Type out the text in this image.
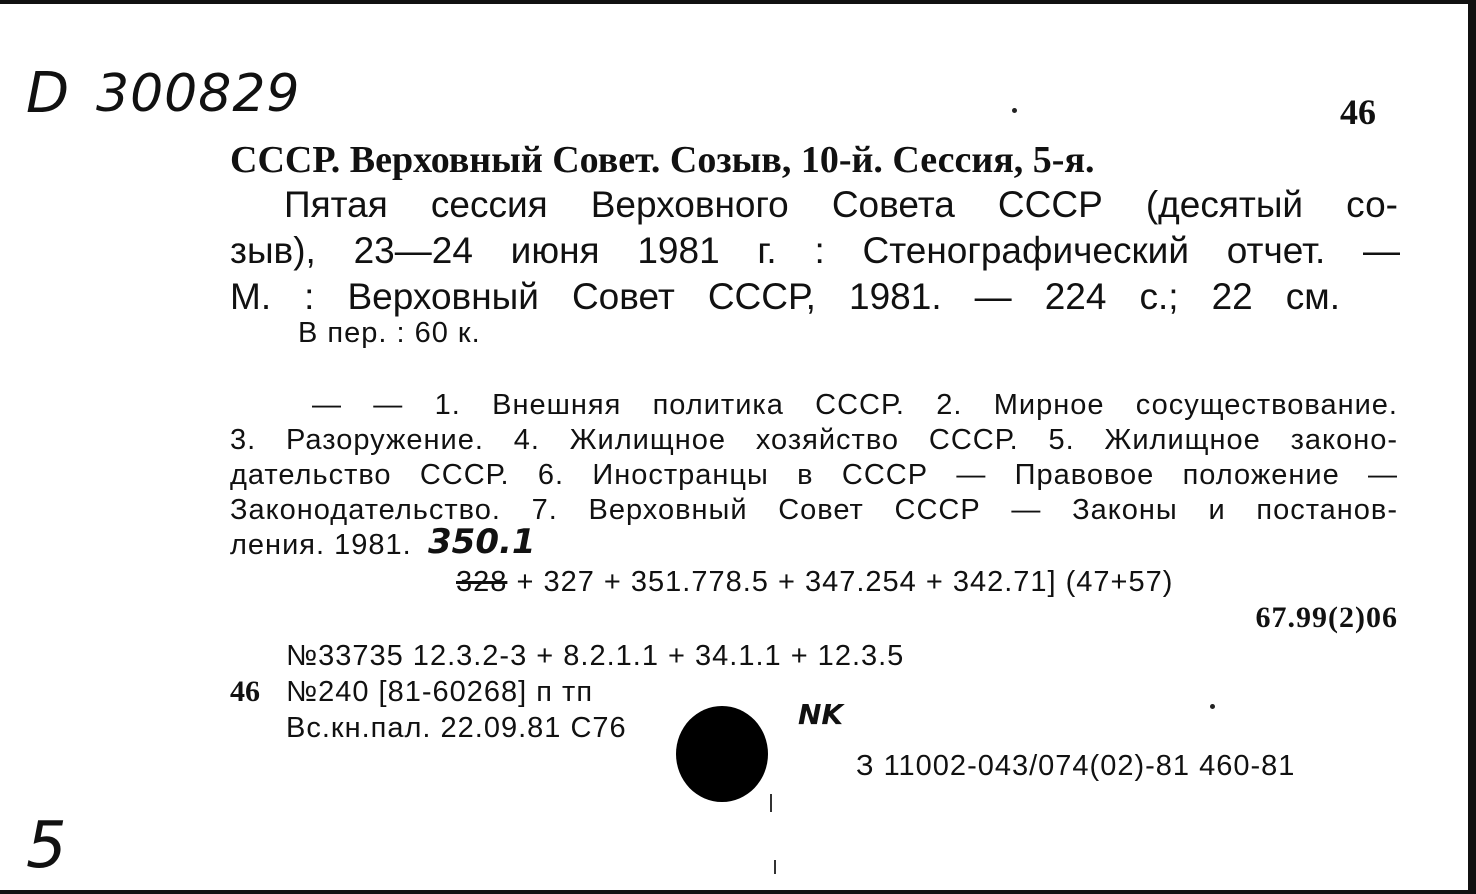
D 300829	46
СССР. Верховный Совет. Созыв, 10-й. Сессия, 5-я.
Пятая сессия Верховного Совета СССР (десятый со-
зыв), 23—24 июня 1981 г. : Стенографический отчет. —
М. : Верховный Совет СССР, 1981. — 224 с.; 22 см.
В пер. : 60 к.
— — 1. Внешняя политика СССР. 2. Мирное сосуществование.
3. Разоружение. 4. Жилищное хозяйство СССР. 5. Жилищное законо-
дательство СССР. 6. Иностранцы в СССР — Правовое положение —
Законодательство. 7. Верховный Совет СССР — Законы и постанов-
ления. 1981. 350.1
328 + 327 + 351.778.5 + 347.254 + 342.71] (47+57)
67.99(2)06
№33735 12.3.2-3 + 8.2.1.1 + 34.1.1 + 12.3.5
46 №240 [81-60268] п тп
Вс.кн.пал. 22.09.81 С76	NK
З 11002-043/074(02)-81 460-81
5
